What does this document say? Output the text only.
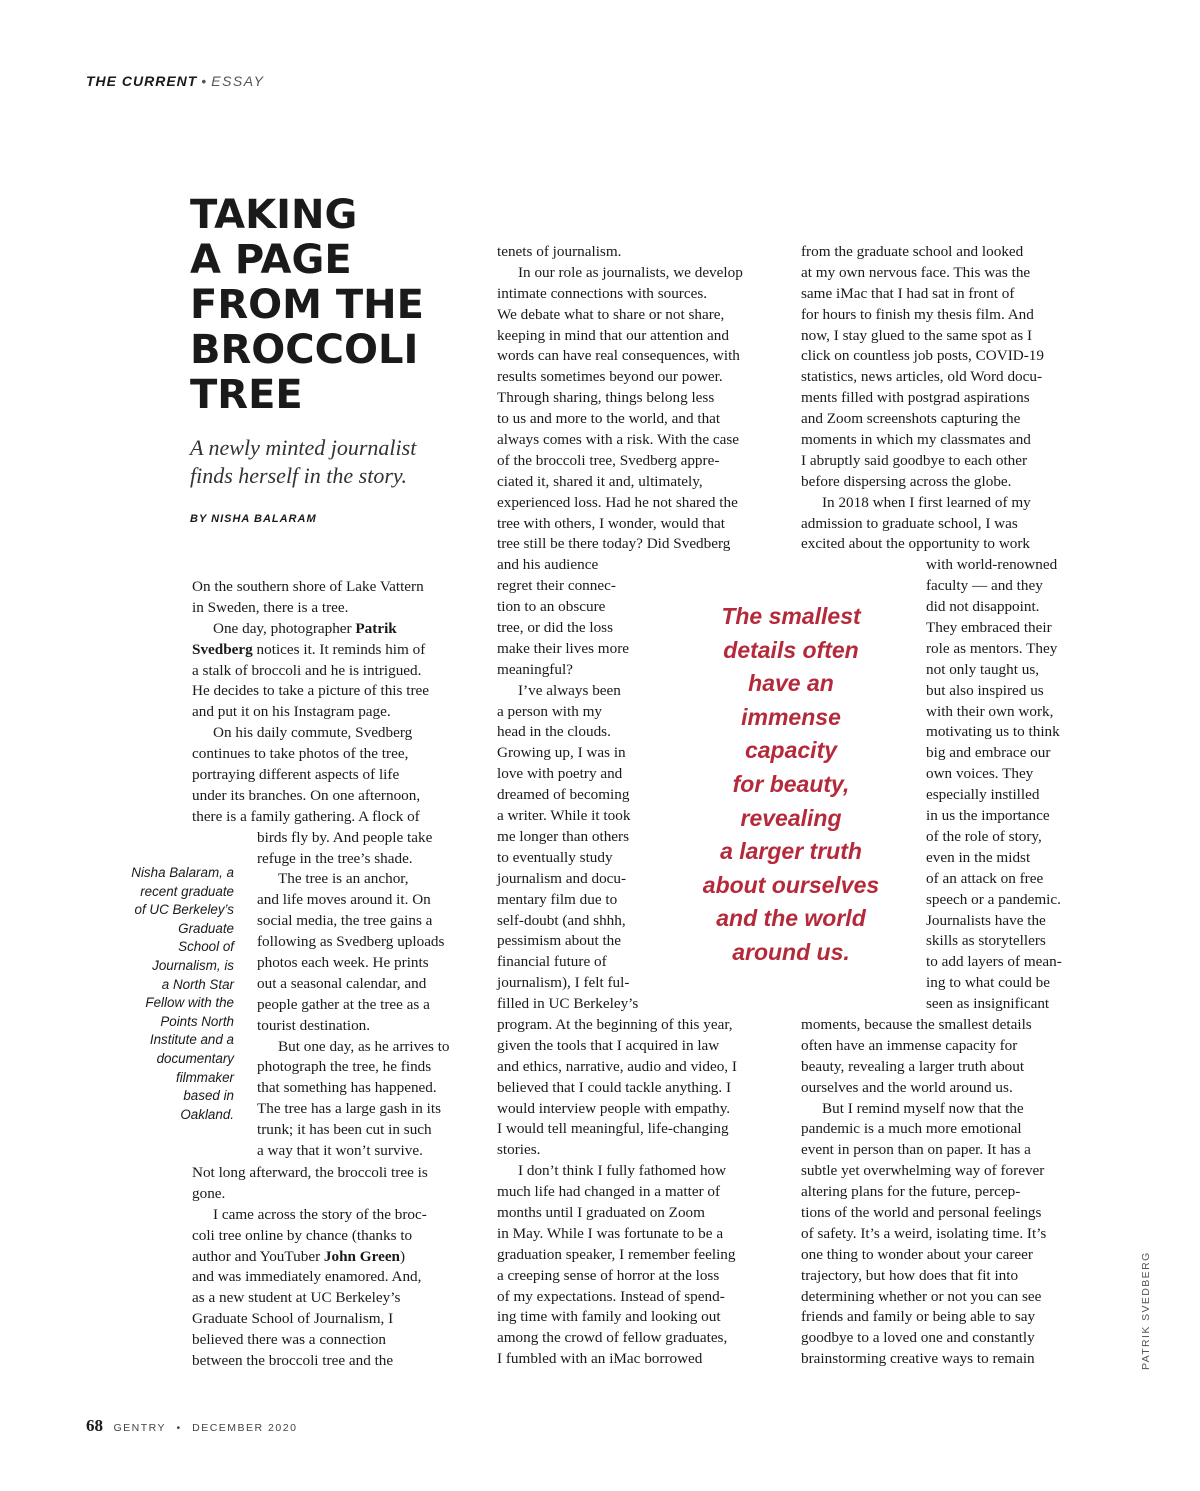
THE CURRENT • ESSAY
TAKING
A PAGE
FROM THE
BROCCOLI
TREE
A newly minted journalist
finds herself in the story.
BY NISHA BALARAM
On the southern shore of Lake Vattern
in Sweden, there is a tree.
One day, photographer Patrik
Svedberg notices it. It reminds him of
a stalk of broccoli and he is intrigued.
He decides to take a picture of this tree
and put it on his Instagram page.
On his daily commute, Svedberg
continues to take photos of the tree,
portraying different aspects of life
under its branches. On one afternoon,
there is a family gathering. A flock of
birds fly by. And people take
refuge in the tree’s shade.
The tree is an anchor,
and life moves around it. On
social media, the tree gains a
following as Svedberg uploads
photos each week. He prints
out a seasonal calendar, and
people gather at the tree as a
tourist destination.
But one day, as he arrives to
photograph the tree, he finds
that something has happened.
The tree has a large gash in its
trunk; it has been cut in such
a way that it won’t survive.
Not long afterward, the broccoli tree is
gone.
I came across the story of the broc-
coli tree online by chance (thanks to
author and YouTuber John Green)
and was immediately enamored. And,
as a new student at UC Berkeley’s
Graduate School of Journalism, I
believed there was a connection
between the broccoli tree and the
tenets of journalism.
In our role as journalists, we develop
intimate connections with sources.
We debate what to share or not share,
keeping in mind that our attention and
words can have real consequences, with
results sometimes beyond our power.
Through sharing, things belong less
to us and more to the world, and that
always comes with a risk. With the case
of the broccoli tree, Svedberg appre-
ciated it, shared it and, ultimately,
experienced loss. Had he not shared the
tree with others, I wonder, would that
tree still be there today? Did Svedberg
and his audience
regret their connec-
tion to an obscure
tree, or did the loss
make their lives more
meaningful?
I’ve always been
a person with my
head in the clouds.
Growing up, I was in
love with poetry and
dreamed of becoming
a writer. While it took
me longer than others
to eventually study
journalism and docu-
mentary film due to
self-doubt (and shhh,
pessimism about the
financial future of
journalism), I felt ful-
filled in UC Berkeley’s
program. At the beginning of this year,
given the tools that I acquired in law
and ethics, narrative, audio and video, I
believed that I could tackle anything. I
would interview people with empathy.
I would tell meaningful, life-changing
stories.
I don’t think I fully fathomed how
much life had changed in a matter of
months until I graduated on Zoom
in May. While I was fortunate to be a
graduation speaker, I remember feeling
a creeping sense of horror at the loss
of my expectations. Instead of spend-
ing time with family and looking out
among the crowd of fellow graduates,
I fumbled with an iMac borrowed
from the graduate school and looked
at my own nervous face. This was the
same iMac that I had sat in front of
for hours to finish my thesis film. And
now, I stay glued to the same spot as I
click on countless job posts, COVID-19
statistics, news articles, old Word docu-
ments filled with postgrad aspirations
and Zoom screenshots capturing the
moments in which my classmates and
I abruptly said goodbye to each other
before dispersing across the globe.
In 2018 when I first learned of my
admission to graduate school, I was
excited about the opportunity to work
with world-renowned
faculty — and they
did not disappoint.
They embraced their
role as mentors. They
not only taught us,
but also inspired us
with their own work,
motivating us to think
big and embrace our
own voices. They
especially instilled
in us the importance
of the role of story,
even in the midst
of an attack on free
speech or a pandemic.
Journalists have the
skills as storytellers
to add layers of mean-
ing to what could be
seen as insignificant
moments, because the smallest details
often have an immense capacity for
beauty, revealing a larger truth about
ourselves and the world around us.
But I remind myself now that the
pandemic is a much more emotional
event in person than on paper. It has a
subtle yet overwhelming way of forever
altering plans for the future, percep-
tions of the world and personal feelings
of safety. It’s a weird, isolating time. It’s
one thing to wonder about your career
trajectory, but how does that fit into
determining whether or not you can see
friends and family or being able to say
goodbye to a loved one and constantly
brainstorming creative ways to remain
Nisha Balaram, a
recent graduate
of UC Berkeley’s
Graduate
School of
Journalism, is
a North Star
Fellow with the
Points North
Institute and a
documentary
filmmaker
based in
Oakland.
The smallest
details often
have an
immense
capacity
for beauty,
revealing
a larger truth
about ourselves
and the world
around us.
PATRIK SVEDBERG
68 GENTRY • DECEMBER 2020
